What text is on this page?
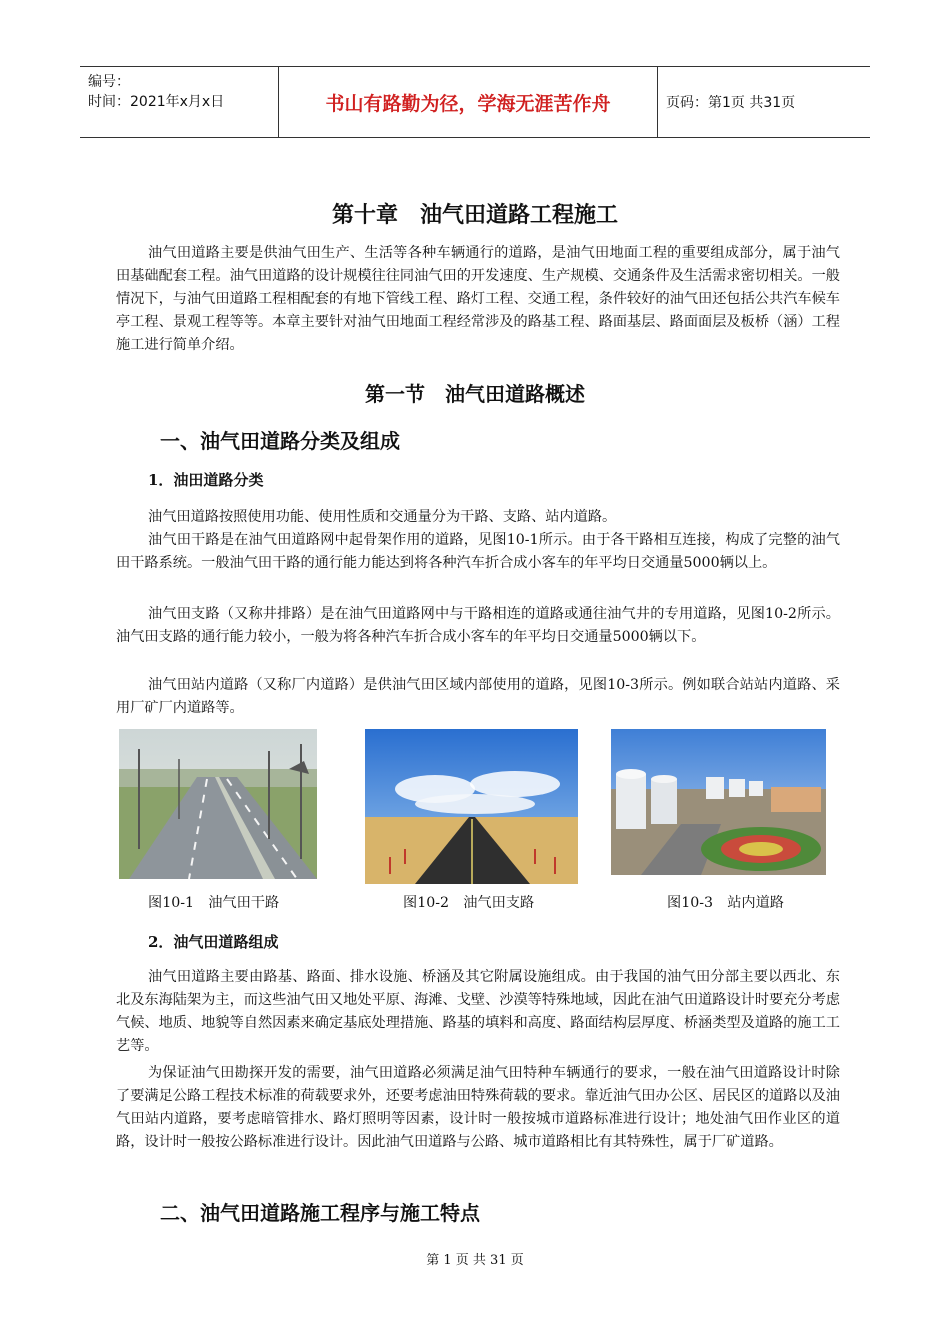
编号：
时间：2021年x月x日	书山有路勤为径，学海无涯苦作舟	页码：第1页 共31页
第十章　油气田道路工程施工

油气田道路主要是供油气田生产、生活等各种车辆通行的道路，是油气田地面工程的重要组成部分，属于油气田基础配套工程。油气田道路的设计规模往往同油气田的开发速度、生产规模、交通条件及生活需求密切相关。一般情况下，与油气田道路工程相配套的有地下管线工程、路灯工程、交通工程，条件较好的油气田还包括公共汽车候车亭工程、景观工程等等。本章主要针对油气田地面工程经常涉及的路基工程、路面基层、路面面层及板桥（涵）工程施工进行简单介绍。

第一节　油气田道路概述
一、油气田道路分类及组成
1．油田道路分类

油气田道路按照使用功能、使用性质和交通量分为干路、支路、站内道路。

油气田干路是在油气田道路网中起骨架作用的道路，见图10-1所示。由于各干路相互连接，构成了完整的油气田干路系统。一般油气田干路的通行能力能达到将各种汽车折合成小客车的年平均日交通量5000辆以上。

油气田支路（又称井排路）是在油气田道路网中与干路相连的道路或通往油气井的专用道路，见图10-2所示。油气田支路的通行能力较小，一般为将各种汽车折合成小客车的年平均日交通量5000辆以下。

油气田站内道路（又称厂内道路）是供油气田区域内部使用的道路，见图10-3所示。例如联合站站内道路、采用厂矿厂内道路等。

图10-1　油气田干路	图10-2　油气田支路	图10-3　站内道路
2．油气田道路组成

油气田道路主要由路基、路面、排水设施、桥涵及其它附属设施组成。由于我国的油气田分部主要以西北、东北及东海陆架为主，而这些油气田又地处平原、海滩、戈壁、沙漠等特殊地域，因此在油气田道路设计时要充分考虑气候、地质、地貌等自然因素来确定基底处理措施、路基的填料和高度、路面结构层厚度、桥涵类型及道路的施工工艺等。

为保证油气田勘探开发的需要，油气田道路必须满足油气田特种车辆通行的要求，一般在油气田道路设计时除了要满足公路工程技术标准的荷载要求外，还要考虑油田特殊荷载的要求。靠近油气田办公区、居民区的道路以及油气田站内道路，要考虑暗管排水、路灯照明等因素，设计时一般按城市道路标准进行设计；地处油气田作业区的道路，设计时一般按公路标准进行设计。因此油气田道路与公路、城市道路相比有其特殊性，属于厂矿道路。

二、油气田道路施工程序与施工特点
第 1 页 共 31 页
